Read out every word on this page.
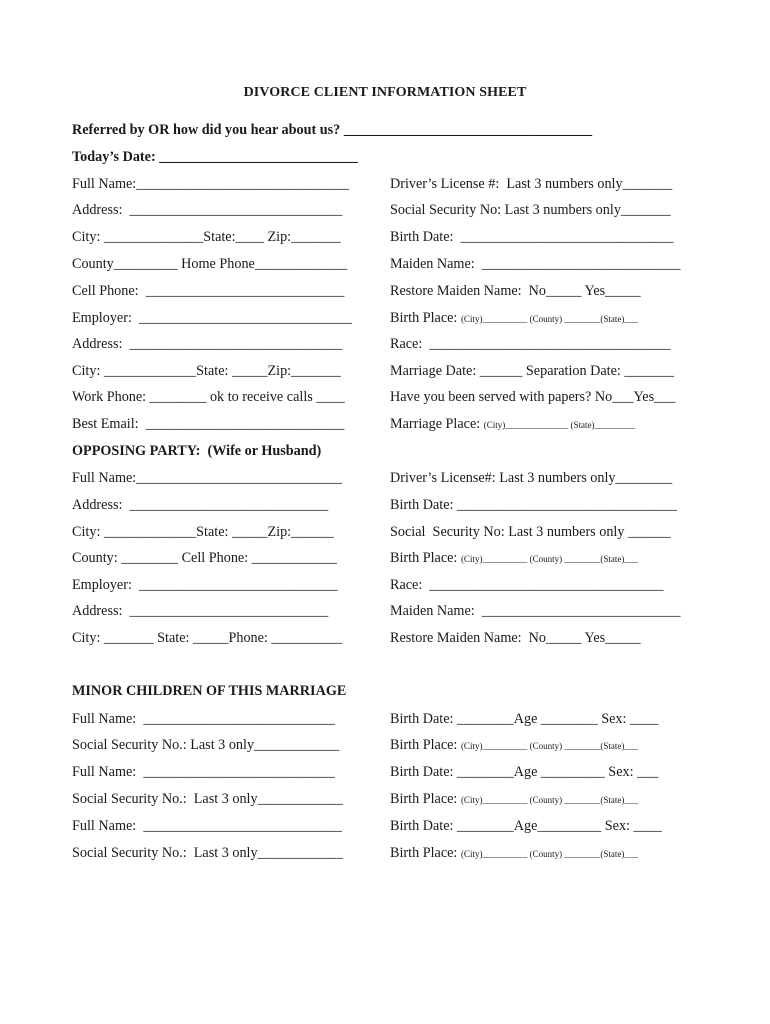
DIVORCE CLIENT INFORMATION SHEET
Referred by OR how did you hear about us? ___________________________________
Today’s Date: ____________________________
Full Name:______________________________	Driver’s License #:  Last 3 numbers only_______
Address:  ______________________________	Social Security No: Last 3 numbers only_______
City: ______________State:____ Zip:_______	Birth Date:  ______________________________
County_________ Home Phone_____________	Maiden Name:  ____________________________
Cell Phone:  ____________________________	Restore Maiden Name:  No_____ Yes_____
Employer:  ______________________________	Birth Place: (City)__________ (County) ________(State)___
Address:  ______________________________	Race:  __________________________________
City: _____________State: _____Zip:_______	Marriage Date: ______ Separation Date: _______
Work Phone: ________ ok to receive calls ____	Have you been served with papers? No___Yes___
Best Email:  ____________________________	Marriage Place: (City)______________ (State)_________
OPPOSING PARTY:  (Wife or Husband)
Full Name:_____________________________	Driver’s License#: Last 3 numbers only________
Address:  ____________________________	Birth Date: _______________________________
City: _____________State: _____Zip:______	Social  Security No: Last 3 numbers only ______
County: ________ Cell Phone: ____________	Birth Place: (City)__________ (County) ________(State)___
Employer:  ____________________________	Race:  _________________________________
Address:  ____________________________	Maiden Name:  ____________________________
City: _______ State: _____Phone: __________	Restore Maiden Name:  No_____ Yes_____
MINOR CHILDREN OF THIS MARRIAGE
Full Name:  ___________________________	Birth Date: ________Age ________ Sex: ____
Social Security No.: Last 3 only____________	Birth Place: (City)__________ (County) ________(State)___
Full Name:  ___________________________	Birth Date: ________Age _________ Sex: ___
Social Security No.:  Last 3 only____________	Birth Place: (City)__________ (County) ________(State)___
Full Name:  ____________________________	Birth Date: ________Age_________ Sex: ____
Social Security No.:  Last 3 only____________	Birth Place: (City)__________ (County) ________(State)___
